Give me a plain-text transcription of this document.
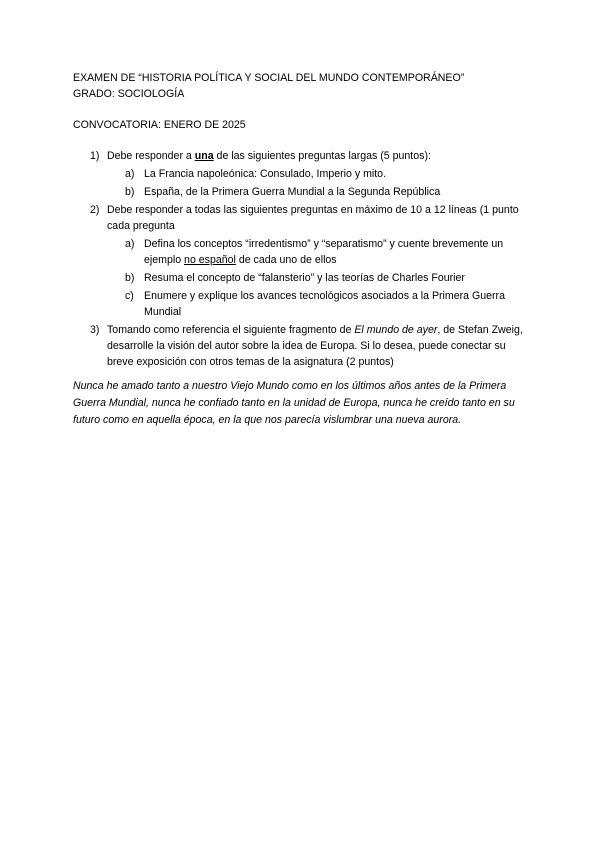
EXAMEN DE “HISTORIA POLÍTICA Y SOCIAL DEL MUNDO CONTEMPORÁNEO”
GRADO: SOCIOLOGÍA
CONVOCATORIA: ENERO DE 2025
1) Debe responder a una de las siguientes preguntas largas (5 puntos):
a) La Francia napoleónica: Consulado, Imperio y mito.
b) España, de la Primera Guerra Mundial a la Segunda República
2) Debe responder a todas las siguientes preguntas en máximo de 10 a 12 líneas (1 punto cada pregunta
a) Defina los conceptos “irredentismo” y “separatismo” y cuente brevemente un ejemplo no español de cada uno de ellos
b) Resuma el concepto de “falansterio” y las teorías de Charles Fourier
c) Enumere y explique los avances tecnológicos asociados a la Primera Guerra Mundial
3) Tomando como referencia el siguiente fragmento de El mundo de ayer, de Stefan Zweig, desarrolle la visión del autor sobre la idea de Europa. Si lo desea, puede conectar su breve exposición con otros temas de la asignatura (2 puntos)
Nunca he amado tanto a nuestro Viejo Mundo como en los últimos años antes de la Primera Guerra Mundial, nunca he confiado tanto en la unidad de Europa, nunca he creído tanto en su futuro como en aquella época, en la que nos parecía vislumbrar una nueva aurora.
